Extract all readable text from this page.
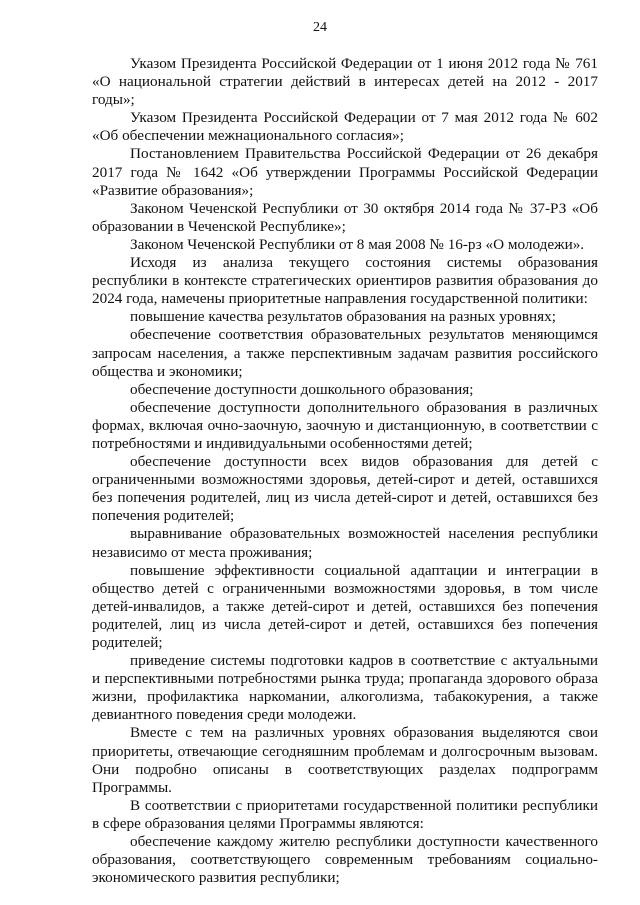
24

Указом Президента Российской Федерации от 1 июня 2012 года № 761 «О национальной стратегии действий в интересах детей на 2012 - 2017 годы»;

Указом Президента Российской Федерации от 7 мая 2012 года № 602 «Об обеспечении межнационального согласия»;

Постановлением Правительства Российской Федерации от 26 декабря 2017 года № 1642 «Об утверждении Программы Российской Федерации «Развитие образования»;

Законом Чеченской Республики от 30 октября 2014 года № 37-РЗ «Об образовании в Чеченской Республике»;

Законом Чеченской Республики от 8 мая 2008 № 16-рз «О молодежи».

Исходя из анализа текущего состояния системы образования республики в контексте стратегических ориентиров развития образования до 2024 года, намечены приоритетные направления государственной политики:

повышение качества результатов образования на разных уровнях;

обеспечение соответствия образовательных результатов меняющимся запросам населения, а также перспективным задачам развития российского общества и экономики;

обеспечение доступности дошкольного образования;

обеспечение доступности дополнительного образования в различных формах, включая очно-заочную, заочную и дистанционную, в соответствии с потребностями и индивидуальными особенностями детей;

обеспечение доступности всех видов образования для детей с ограниченными возможностями здоровья, детей-сирот и детей, оставшихся без попечения родителей, лиц из числа детей-сирот и детей, оставшихся без попечения родителей;

выравнивание образовательных возможностей населения республики независимо от места проживания;

повышение эффективности социальной адаптации и интеграции в общество детей с ограниченными возможностями здоровья, в том числе детей-инвалидов, а также детей-сирот и детей, оставшихся без попечения родителей, лиц из числа детей-сирот и детей, оставшихся без попечения родителей;

приведение системы подготовки кадров в соответствие с актуальными и перспективными потребностями рынка труда; пропаганда здорового образа жизни, профилактика наркомании, алкоголизма, табакокурения, а также девиантного поведения среди молодежи.

Вместе с тем на различных уровнях образования выделяются свои приоритеты, отвечающие сегодняшним проблемам и долгосрочным вызовам. Они подробно описаны в соответствующих разделах подпрограмм Программы.

В соответствии с приоритетами государственной политики республики в сфере образования целями Программы являются:

обеспечение каждому жителю республики доступности качественного образования, соответствующего современным требованиям социально-экономического развития республики;
